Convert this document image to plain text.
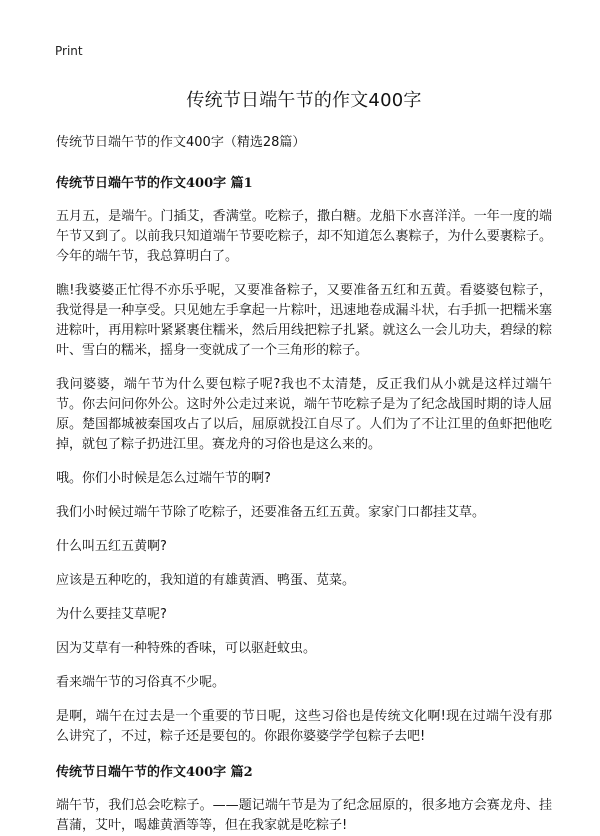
Print
传统节日端午节的作文400字

传统节日端午节的作文400字（精选28篇）

传统节日端午节的作文400字 篇1

五月五，是端午。门插艾，香满堂。吃粽子，撒白糖。龙船下水喜洋洋。一年一度的端午节又到了。以前我只知道端午节要吃粽子，却不知道怎么裹粽子，为什么要裹粽子。今年的端午节，我总算明白了。

瞧!我婆婆正忙得不亦乐乎呢，又要准备粽子，又要准备五红和五黄。看婆婆包粽子，我觉得是一种享受。只见她左手拿起一片粽叶，迅速地卷成漏斗状，右手抓一把糯米塞进粽叶，再用粽叶紧紧裹住糯米，然后用线把粽子扎紧。就这么一会儿功夫，碧绿的粽叶、雪白的糯米，摇身一变就成了一个三角形的粽子。

我问婆婆，端午节为什么要包粽子呢?我也不太清楚，反正我们从小就是这样过端午节。你去问问你外公。这时外公走过来说，端午节吃粽子是为了纪念战国时期的诗人屈原。楚国都城被秦国攻占了以后，屈原就投江自尽了。人们为了不让江里的鱼虾把他吃掉，就包了粽子扔进江里。赛龙舟的习俗也是这么来的。

哦。你们小时候是怎么过端午节的啊?

我们小时候过端午节除了吃粽子，还要准备五红五黄。家家门口都挂艾草。

什么叫五红五黄啊?

应该是五种吃的，我知道的有雄黄酒、鸭蛋、苋菜。

为什么要挂艾草呢?

因为艾草有一种特殊的香味，可以驱赶蚊虫。

看来端午节的习俗真不少呢。

是啊，端午在过去是一个重要的节日呢，这些习俗也是传统文化啊!现在过端午没有那么讲究了，不过，粽子还是要包的。你跟你婆婆学学包粽子去吧!

传统节日端午节的作文400字 篇2

端午节，我们总会吃粽子。——题记端午节是为了纪念屈原的，很多地方会赛龙舟、挂菖蒲，艾叶，喝雄黄酒等等，但在我家就是吃粽子!
